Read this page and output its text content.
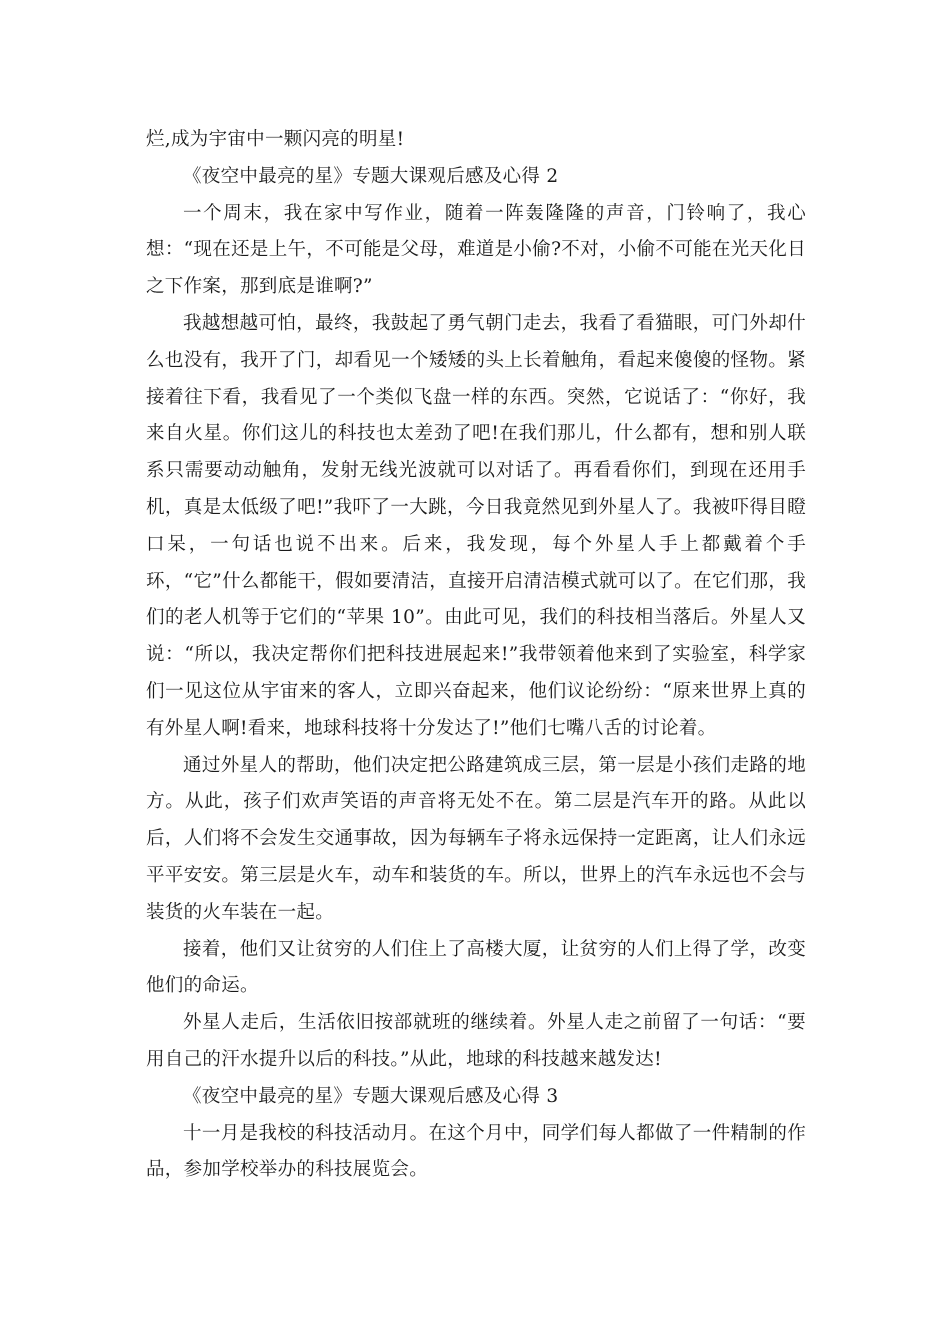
烂,成为宇宙中一颗闪亮的明星!

《夜空中最亮的星》专题大课观后感及心得 2

一个周末，我在家中写作业，随着一阵轰隆隆的声音，门铃响了，我心想：“现在还是上午，不可能是父母，难道是小偷?不对，小偷不可能在光天化日之下作案，那到底是谁啊?”

我越想越可怕，最终，我鼓起了勇气朝门走去，我看了看猫眼，可门外却什么也没有，我开了门，却看见一个矮矮的头上长着触角，看起来傻傻的怪物。紧接着往下看，我看见了一个类似飞盘一样的东西。突然，它说话了：“你好，我来自火星。你们这儿的科技也太差劲了吧!在我们那儿，什么都有，想和别人联系只需要动动触角，发射无线光波就可以对话了。再看看你们，到现在还用手机，真是太低级了吧!”我吓了一大跳，今日我竟然见到外星人了。我被吓得目瞪口呆，一句话也说不出来。后来，我发现，每个外星人手上都戴着个手环，“它”什么都能干，假如要清洁，直接开启清洁模式就可以了。在它们那，我们的老人机等于它们的“苹果 10”。由此可见，我们的科技相当落后。外星人又说：“所以，我决定帮你们把科技进展起来!”我带领着他来到了实验室，科学家们一见这位从宇宙来的客人，立即兴奋起来，他们议论纷纷：“原来世界上真的有外星人啊!看来，地球科技将十分发达了!”他们七嘴八舌的讨论着。

通过外星人的帮助，他们决定把公路建筑成三层，第一层是小孩们走路的地方。从此，孩子们欢声笑语的声音将无处不在。第二层是汽车开的路。从此以后，人们将不会发生交通事故，因为每辆车子将永远保持一定距离，让人们永远平平安安。第三层是火车，动车和装货的车。所以，世界上的汽车永远也不会与装货的火车装在一起。

接着，他们又让贫穷的人们住上了高楼大厦，让贫穷的人们上得了学，改变他们的命运。

外星人走后，生活依旧按部就班的继续着。外星人走之前留了一句话：“要用自己的汗水提升以后的科技。”从此，地球的科技越来越发达!

《夜空中最亮的星》专题大课观后感及心得 3

十一月是我校的科技活动月。在这个月中，同学们每人都做了一件精制的作品，参加学校举办的科技展览会。
